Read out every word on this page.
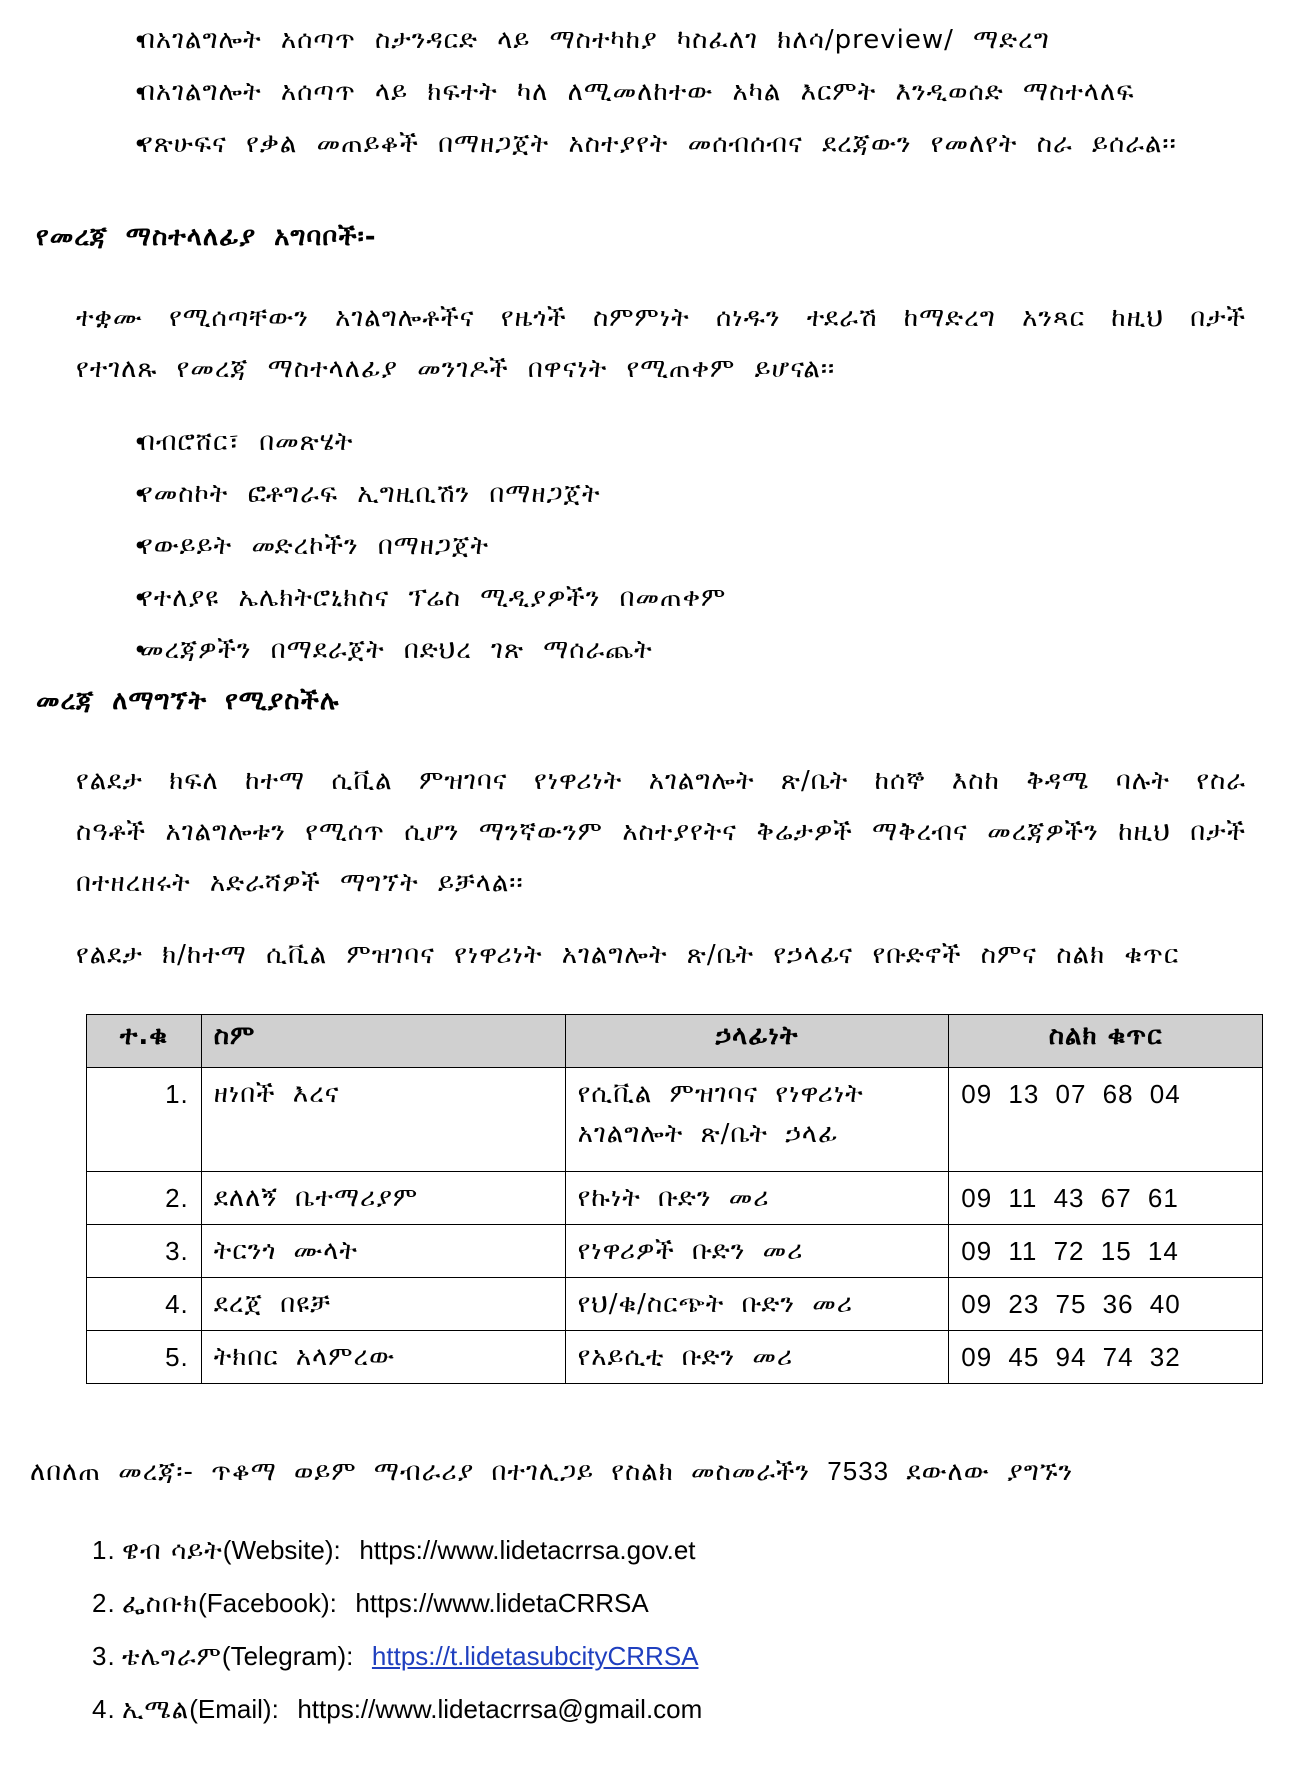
• በአገልግሎት አሰጣጥ ስታንዳርድ ላይ ማስተካከያ ካስፈለገ ክለሳ/preview/ ማድረግ
• በአገልግሎት አሰጣጥ ላይ ክፍተት ካለ ለሚመለከተው አካል እርምት እንዲወሰድ ማስተላለፍ
• የጽሁፍና የቃል መጠይቆች በማዘጋጀት አስተያየት መሰብሰብና ደረጃውን የመለየት ስራ ይሰራል፡፡
የመረጃ ማስተላለፊያ አግባቦች፡-
ተቋሙ የሚሰጣቸውን አገልግሎቶችና የዜጎች ስምምነት ሰነዱን ተደራሽ ከማድረግ አንጻር ከዚህ በታች የተገለጹ የመረጃ ማስተላለፊያ መንገዶች በዋናነት የሚጠቀም ይሆናል፡፡
• በብሮሸር፣ በመጽሄት
• የመስኮት ፎቶግራፍ ኢግዚቢሽን በማዘጋጀት
• የውይይት መድረኮችን በማዘጋጀት
• የተለያዩ ኤሌክትሮኒክስና ፕሬስ ሚዲያዎችን በመጠቀም
• መረጃዎችን በማደራጀት በድህረ ገጽ ማሰራጨት
መረጃ ለማግኘት የሚያስችሉ
የልደታ ክፍለ ከተማ ሲቪል ምዝገባና የነዋሪነት አገልግሎት ጽ/ቤት ከሰኞ እስከ ቅዳሜ ባሉት የስራ ስዓቶች አገልግሎቱን የሚሰጥ ሲሆን ማንኛውንም አስተያየትና ቅሬታዎች ማቅረብና መረጃዎችን ከዚህ በታች በተዘረዘሩት አድራሻዎች ማግኘት ይቻላል፡፡
የልደታ ክ/ከተማ ሲቪል ምዝገባና የነዋሪነት አገልግሎት ጽ/ቤት የኃላፊና የቡድኖች ስምና ስልክ ቁጥር
ተ.ቁ	ስም	ኃላፊነት	ስልክ ቁጥር
1.	ዘነበች እረና	የሲቪል ምዝገባና የነዋሪነት አገልግሎት ጽ/ቤት ኃላፊ	09 13 07 68 04
2.	ደለለኝ ቤተማሪያም	የኩነት ቡድን መሪ	09 11 43 67 61
3.	ትርንጎ ሙላት	የነዋሪዎች ቡድን መሪ	09 11 72 15 14
4.	ደረጀ በዩቻ	የህ/ቁ/ስርጭት ቡድን መሪ	09 23 75 36 40
5.	ትክበር አላምረው	የአይሲቲ ቡድን መሪ	09 45 94 74 32
ለበለጠ መረጃ፡- ጥቆማ ወይም ማብራሪያ በተገሊጋይ የስልክ መስመራችን 7533 ደውለው ያግኙን
1. ዌብ ሳይት(Website): https://www.lidetacrrsa.gov.et
2. ፌስቡክ(Facebook): https://www.lidetaCRRSA
3. ቴሌግራም(Telegram): https://t.lidetasubcityCRRSA
4. ኢሜል(Email): https://www.lidetacrrsa@gmail.com
